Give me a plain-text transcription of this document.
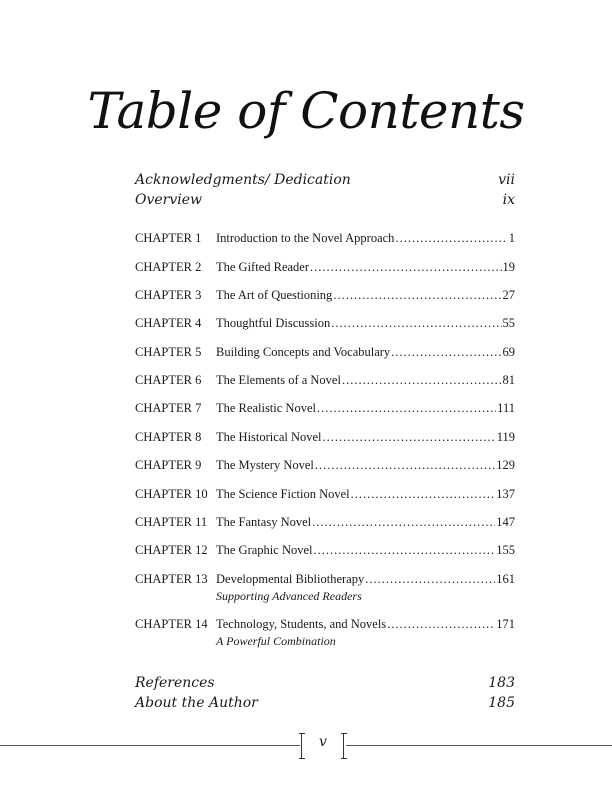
Table of Contents
Acknowledgments/ Dedication	vii
Overview	ix
CHAPTER 1	Introduction to the Novel Approach .....	1
CHAPTER 2	The Gifted Reader .....	19
CHAPTER 3	The Art of Questioning .....	27
CHAPTER 4	Thoughtful Discussion .....	55
CHAPTER 5	Building Concepts and Vocabulary .....	69
CHAPTER 6	The Elements of a Novel .....	81
CHAPTER 7	The Realistic Novel .....	111
CHAPTER 8	The Historical Novel .....	119
CHAPTER 9	The Mystery Novel .....	129
CHAPTER 10 The Science Fiction Novel .....	137
CHAPTER 11 The Fantasy Novel .....	147
CHAPTER 12 The Graphic Novel .....	155
CHAPTER 13 Developmental Bibliotherapy .....	161
Supporting Advanced Readers
CHAPTER 14 Technology, Students, and Novels .....	171
A Powerful Combination
References	183
About the Author	185
v
